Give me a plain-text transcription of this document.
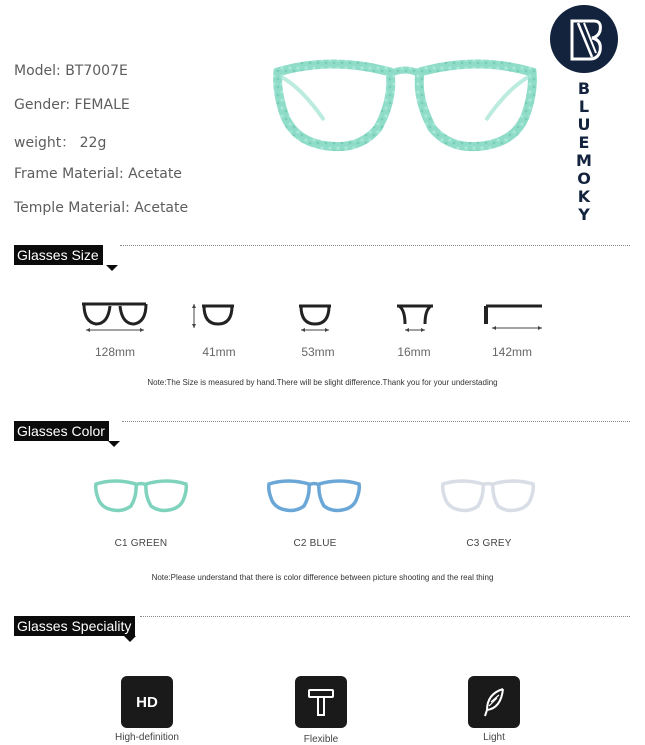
Model: BT7007E
Gender: FEMALE
weight： 22g
Frame Material: Acetate
Temple Material: Acetate
B
L
U
E
M
O
K
Y
Glasses Size
128mm	41mm	53mm	16mm	142mm
Note:The Size is measured by hand.There will be slight difference.Thank you for your understading
Glasses Color
C1 GREEN	C2 BLUE	C3 GREY
Note:Please understand that there is color difference between picture shooting and the real thing
Glasses Speciality
HD
High-definition	Flexible	Light
